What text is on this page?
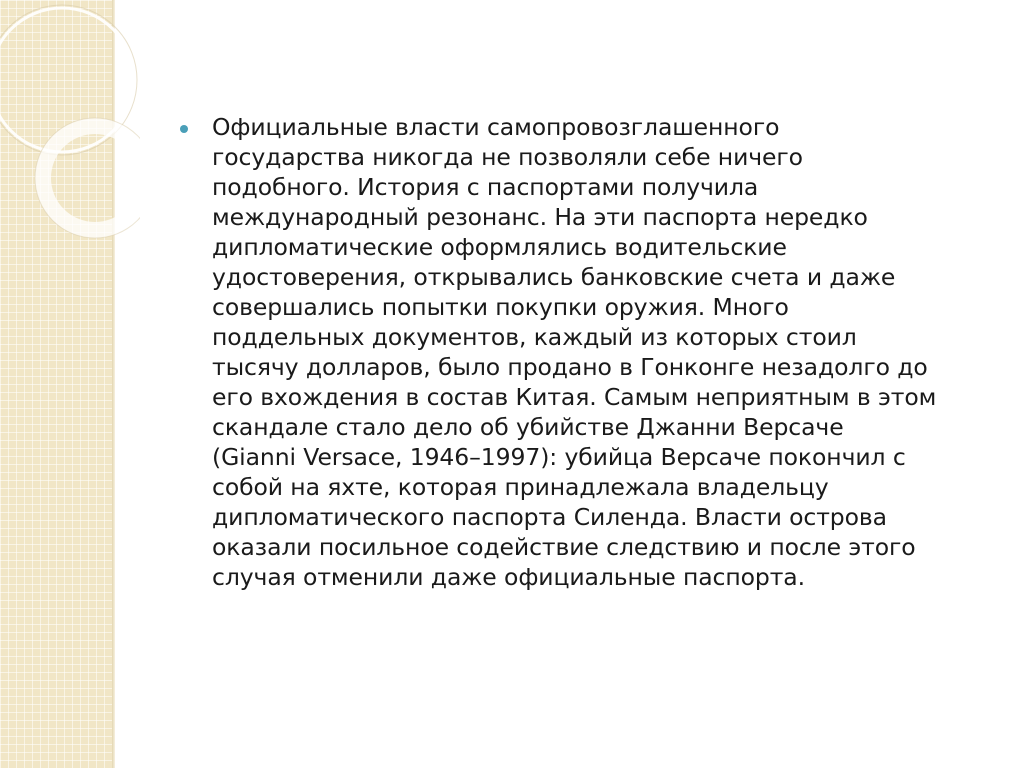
Официальные власти самопровозглашенного
государства никогда не позволяли себе ничего
подобного. История с паспортами получила
международный резонанс. На эти паспорта нередко
дипломатические оформлялись водительские
удостоверения, открывались банковские счета и даже
совершались попытки покупки оружия. Много
поддельных документов, каждый из которых стоил
тысячу долларов, было продано в Гонконге незадолго до
его вхождения в состав Китая. Самым неприятным в этом
скандале стало дело об убийстве Джанни Версаче
(Gianni Versace, 1946–1997): убийца Версаче покончил с
собой на яхте, которая принадлежала владельцу
дипломатического паспорта Силенда. Власти острова
оказали посильное содействие следствию и после этого
случая отменили даже официальные паспорта.
